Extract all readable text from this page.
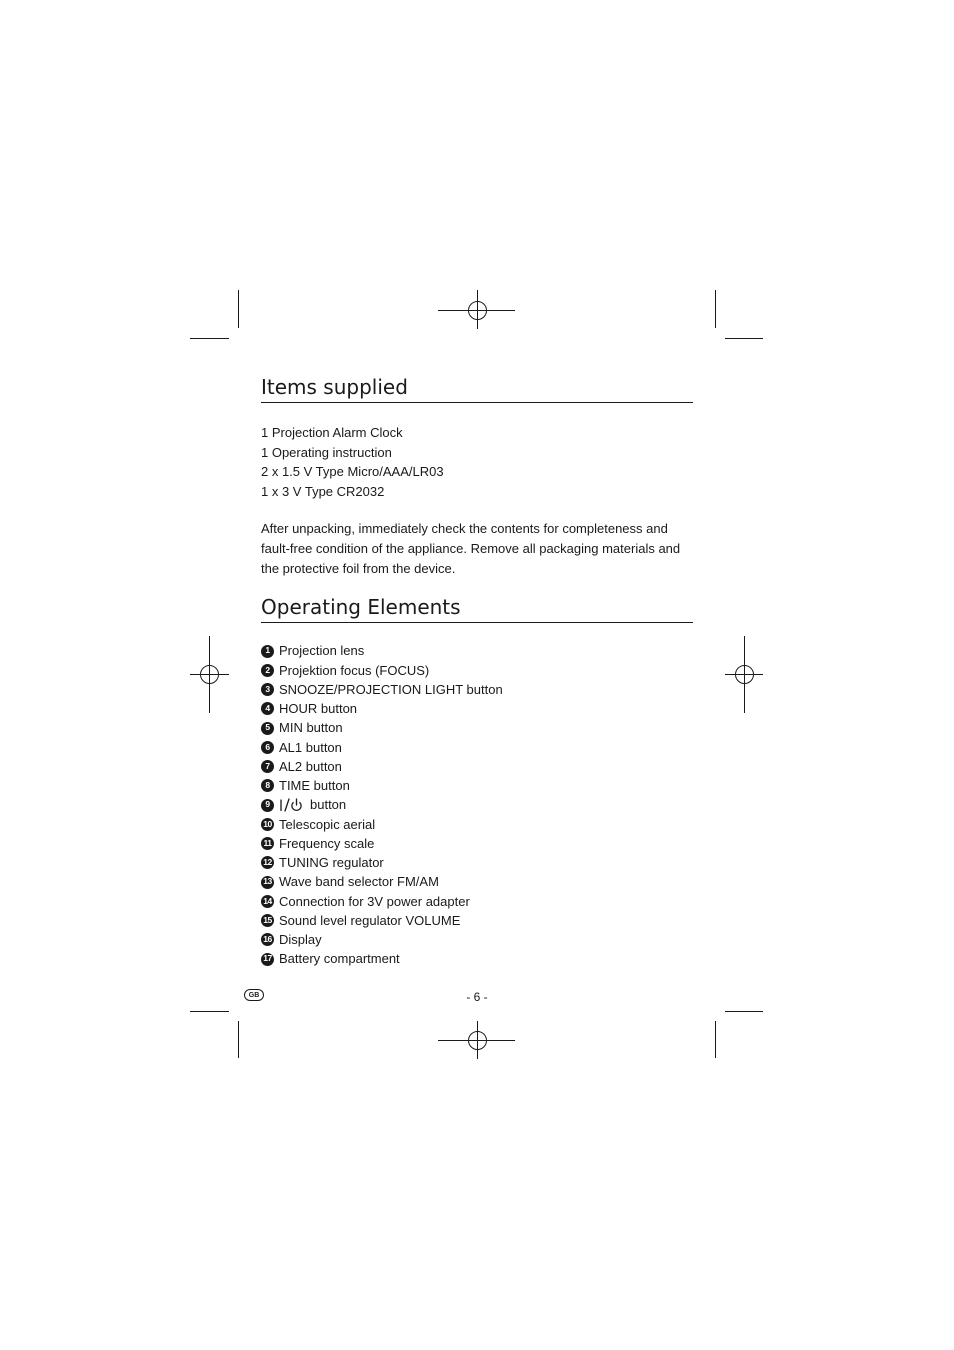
Items supplied
1 Projection Alarm Clock
1 Operating instruction
2 x 1.5 V Type Micro/AAA/LR03
1 x 3 V Type CR2032

After unpacking, immediately check the contents for completeness and fault-free condition of the appliance. Remove all packaging materials and the protective foil from the device.

Operating Elements
1 Projection lens
2 Projektion focus (FOCUS)
3 SNOOZE/PROJECTION LIGHT button
4 HOUR button
5 MIN button
6 AL1 button
7 AL2 button
8 TIME button
9	button
10 Telescopic aerial
11 Frequency scale
12 TUNING regulator
13 Wave band selector FM/AM
14 Connection for 3V power adapter
15 Sound level regulator VOLUME
16 Display
17 Battery compartment
GB	- 6 -
